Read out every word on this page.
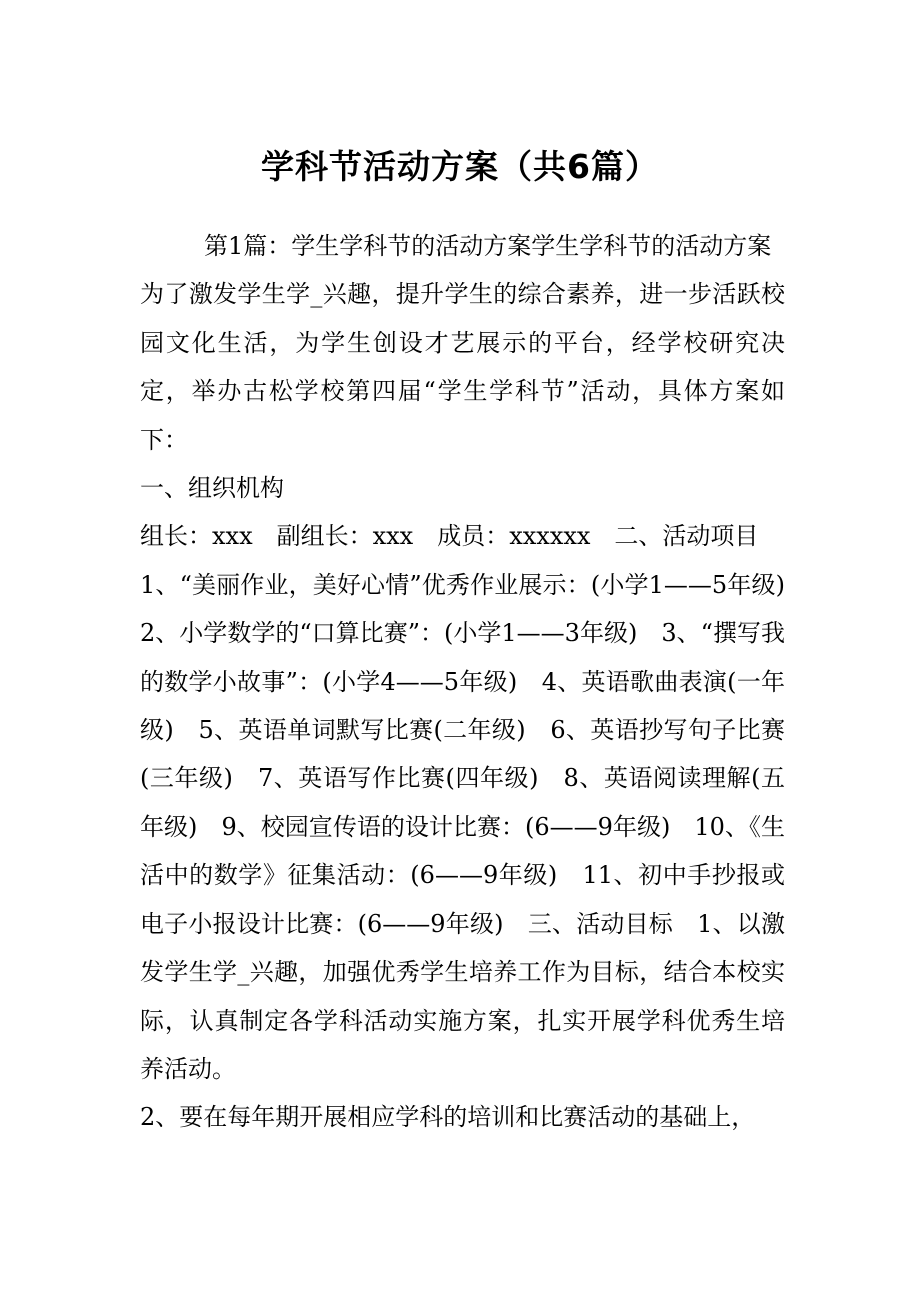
学科节活动方案（共6篇）

第1篇：学生学科节的活动方案学生学科节的活动方案

为了激发学生学_兴趣，提升学生的综合素养，进一步活跃校园文化生活，为学生创设才艺展示的平台，经学校研究决定，举办古松学校第四届“学生学科节”活动，具体方案如下：

一、组织机构

组长：xxx　副组长：xxx　成员：xxxxxx　二、活动项目

1、“美丽作业，美好心情”优秀作业展示：(小学1——5年级)　2、小学数学的“口算比赛”：(小学1——3年级)　3、“撰写我的数学小故事”：(小学4——5年级)　4、英语歌曲表演(一年级)　5、英语单词默写比赛(二年级)　6、英语抄写句子比赛(三年级)　7、英语写作比赛(四年级)　8、英语阅读理解(五年级)　9、校园宣传语的设计比赛：(6——9年级)　10、《生活中的数学》征集活动：(6——9年级)　11、初中手抄报或电子小报设计比赛：(6——9年级)　三、活动目标　1、以激发学生学_兴趣，加强优秀学生培养工作为目标，结合本校实际，认真制定各学科活动实施方案，扎实开展学科优秀生培养活动。

2、要在每年期开展相应学科的培训和比赛活动的基础上，
